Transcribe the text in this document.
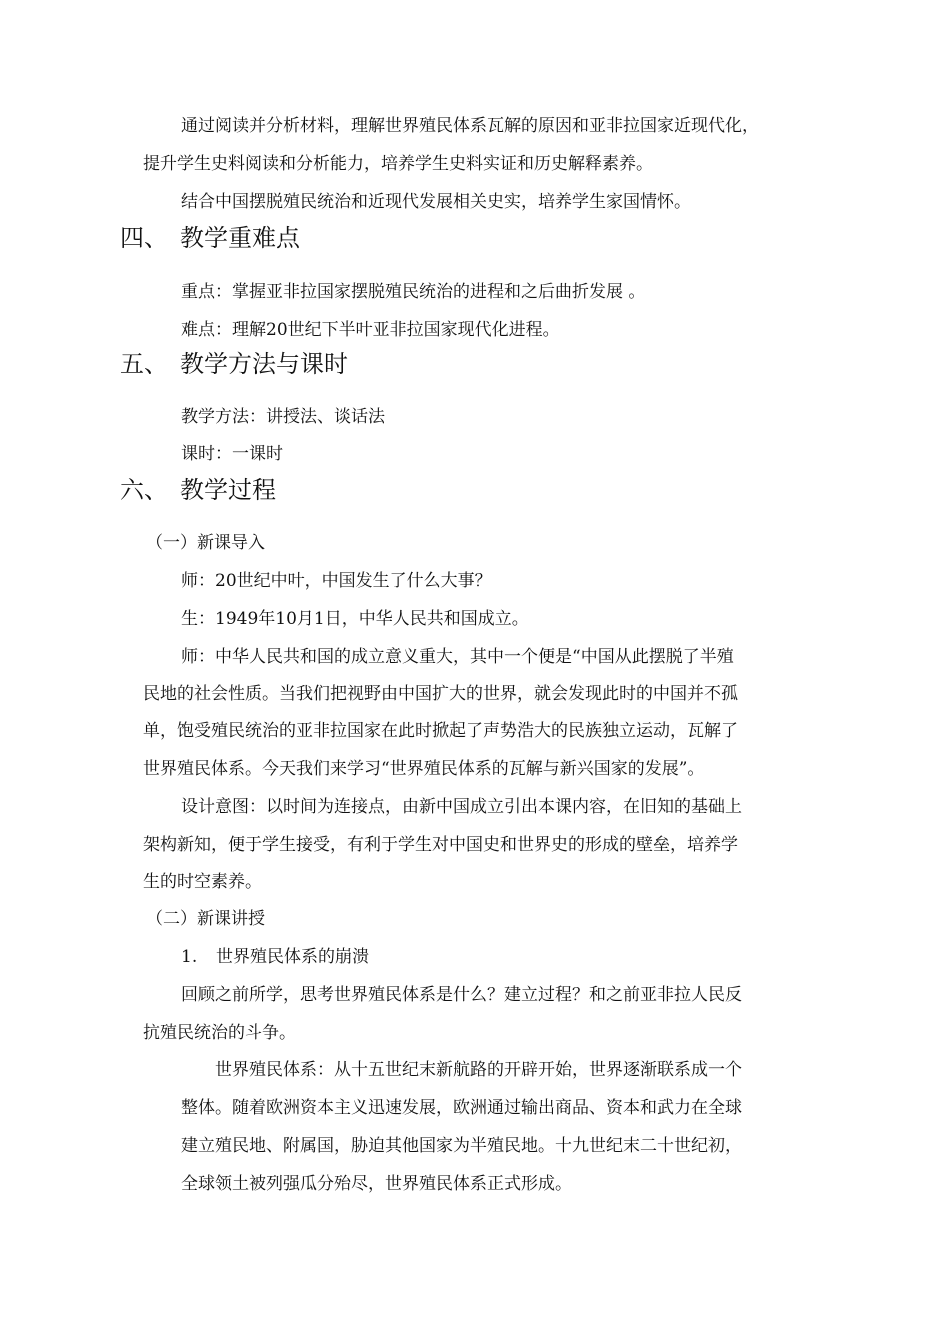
通过阅读并分析材料，理解世界殖民体系瓦解的原因和亚非拉国家近现代化，

提升学生史料阅读和分析能力，培养学生史料实证和历史解释素养。

结合中国摆脱殖民统治和近现代发展相关史实，培养学生家国情怀。

四、 教学重难点

重点：掌握亚非拉国家摆脱殖民统治的进程和之后曲折发展 。

难点：理解20世纪下半叶亚非拉国家现代化进程。

五、 教学方法与课时

教学方法：讲授法、谈话法

课时：一课时

六、 教学过程

（一）新课导入

师：20世纪中叶，中国发生了什么大事？

生：1949年10月1日，中华人民共和国成立。

师：中华人民共和国的成立意义重大，其中一个便是“中国从此摆脱了半殖

民地的社会性质。当我们把视野由中国扩大的世界，就会发现此时的中国并不孤

单，饱受殖民统治的亚非拉国家在此时掀起了声势浩大的民族独立运动，瓦解了

世界殖民体系。今天我们来学习“世界殖民体系的瓦解与新兴国家的发展”。

设计意图：以时间为连接点，由新中国成立引出本课内容，在旧知的基础上

架构新知，便于学生接受，有利于学生对中国史和世界史的形成的壁垒，培养学

生的时空素养。

（二）新课讲授

1. 世界殖民体系的崩溃

回顾之前所学，思考世界殖民体系是什么？建立过程？和之前亚非拉人民反

抗殖民统治的斗争。

世界殖民体系：从十五世纪末新航路的开辟开始，世界逐渐联系成一个

整体。随着欧洲资本主义迅速发展，欧洲通过输出商品、资本和武力在全球

建立殖民地、附属国，胁迫其他国家为半殖民地。十九世纪末二十世纪初，

全球领土被列强瓜分殆尽，世界殖民体系正式形成。
